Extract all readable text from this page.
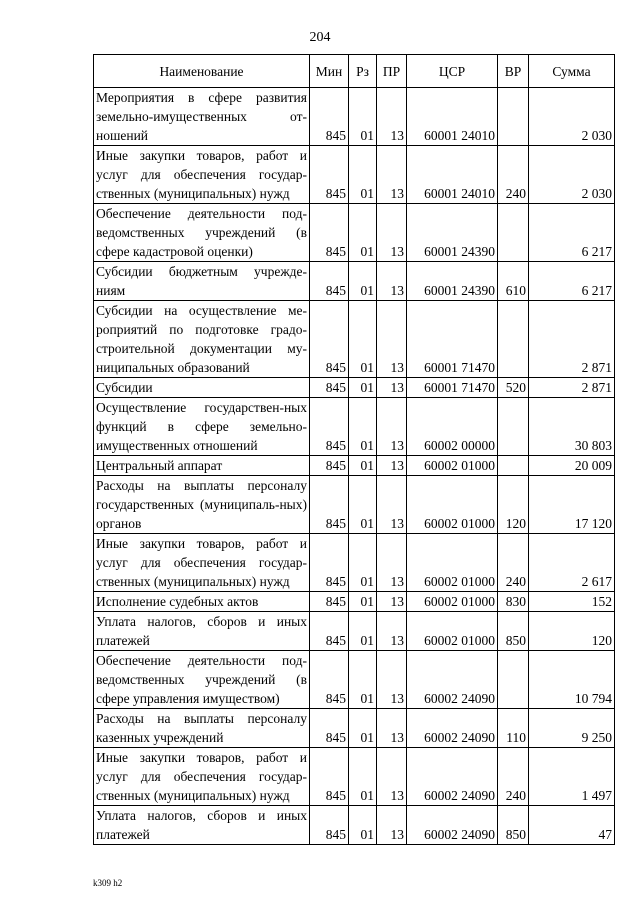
204
Наименование	Мин	Рз	ПР	ЦСР	ВР	Сумма
Мероприятия в сфере развития земельно-имущественных от-ношений	845	01	13	60001 24010		2 030
Иные закупки товаров, работ и услуг для обеспечения государ-ственных (муниципальных) нужд	845	01	13	60001 24010	240	2 030
Обеспечение деятельности под-ведомственных учреждений (в сфере кадастровой оценки)	845	01	13	60001 24390		6 217
Субсидии бюджетным учрежде-ниям	845	01	13	60001 24390	610	6 217
Субсидии на осуществление ме-роприятий по подготовке градо-строительной документации му-ниципальных образований	845	01	13	60001 71470		2 871
Субсидии	845	01	13	60001 71470	520	2 871
Осуществление государствен-ных функций в сфере земельно-имущественных отношений	845	01	13	60002 00000		30 803
Центральный аппарат	845	01	13	60002 01000		20 009
Расходы на выплаты персоналу государственных (муниципаль-ных) органов	845	01	13	60002 01000	120	17 120
Иные закупки товаров, работ и услуг для обеспечения государ-ственных (муниципальных) нужд	845	01	13	60002 01000	240	2 617
Исполнение судебных актов	845	01	13	60002 01000	830	152
Уплата налогов, сборов и иных платежей	845	01	13	60002 01000	850	120
Обеспечение деятельности под-ведомственных учреждений (в сфере управления имуществом)	845	01	13	60002 24090		10 794
Расходы на выплаты персоналу казенных учреждений	845	01	13	60002 24090	110	9 250
Иные закупки товаров, работ и услуг для обеспечения государ-ственных (муниципальных) нужд	845	01	13	60002 24090	240	1 497
Уплата налогов, сборов и иных платежей	845	01	13	60002 24090	850	47
k309 h2
